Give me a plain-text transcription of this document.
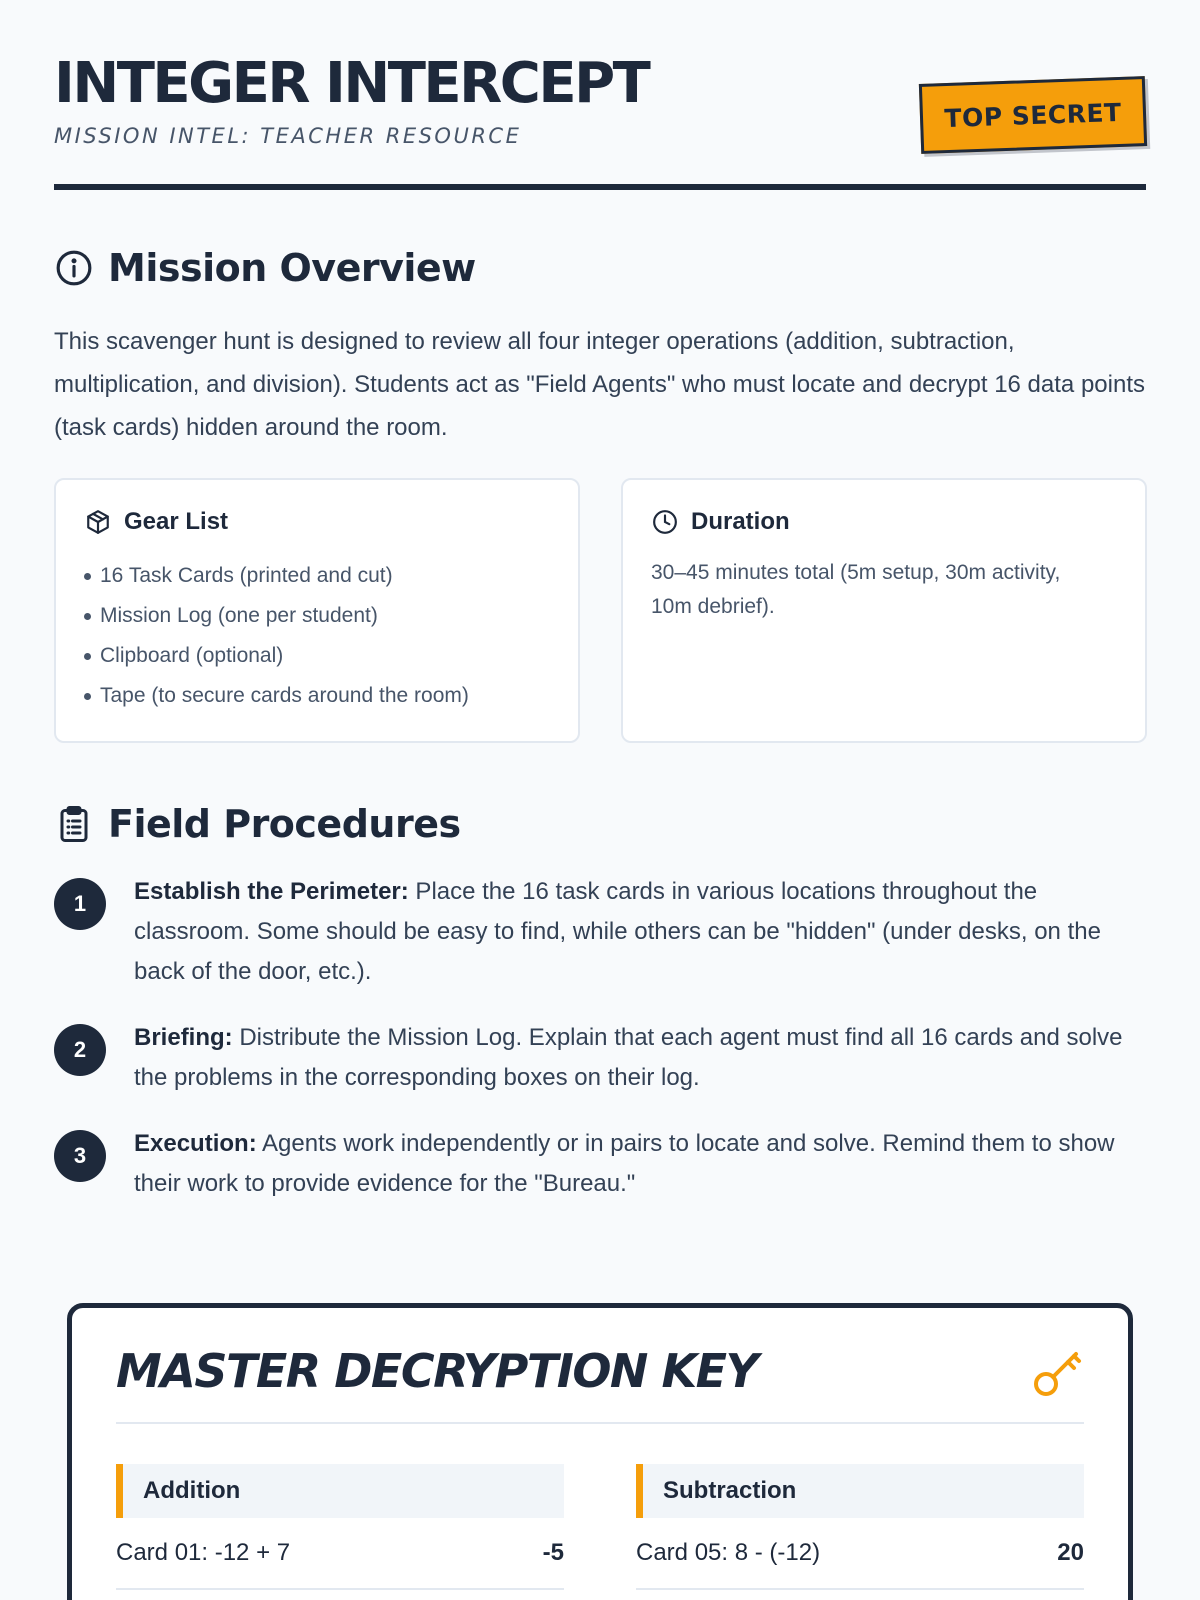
INTEGER INTERCEPT
MISSION INTEL: TEACHER RESOURCE
TOP SECRET
Mission Overview

This scavenger hunt is designed to review all four integer operations (addition, subtraction, multiplication, and division). Students act as "Field Agents" who must locate and decrypt 16 data points (task cards) hidden around the room.

Gear List
16 Task Cards (printed and cut)
Mission Log (one per student)
Clipboard (optional)
Tape (to secure cards around the room)
Duration

30–45 minutes total (5m setup, 30m activity, 10m debrief).

Field Procedures
1	Establish the Perimeter: Place the 16 task cards in various locations throughout the classroom. Some should be easy to find, while others can be "hidden" (under desks, on the back of the door, etc.).

2	Briefing: Distribute the Mission Log. Explain that each agent must find all 16 cards and solve the problems in the corresponding boxes on their log.

3	Execution: Agents work independently or in pairs to locate and solve. Remind them to show their work to provide evidence for the "Bureau."

MASTER DECRYPTION KEY
Addition
Card 01: -12 + 7	-5
Subtraction
Card 05: 8 - (-12)	20
